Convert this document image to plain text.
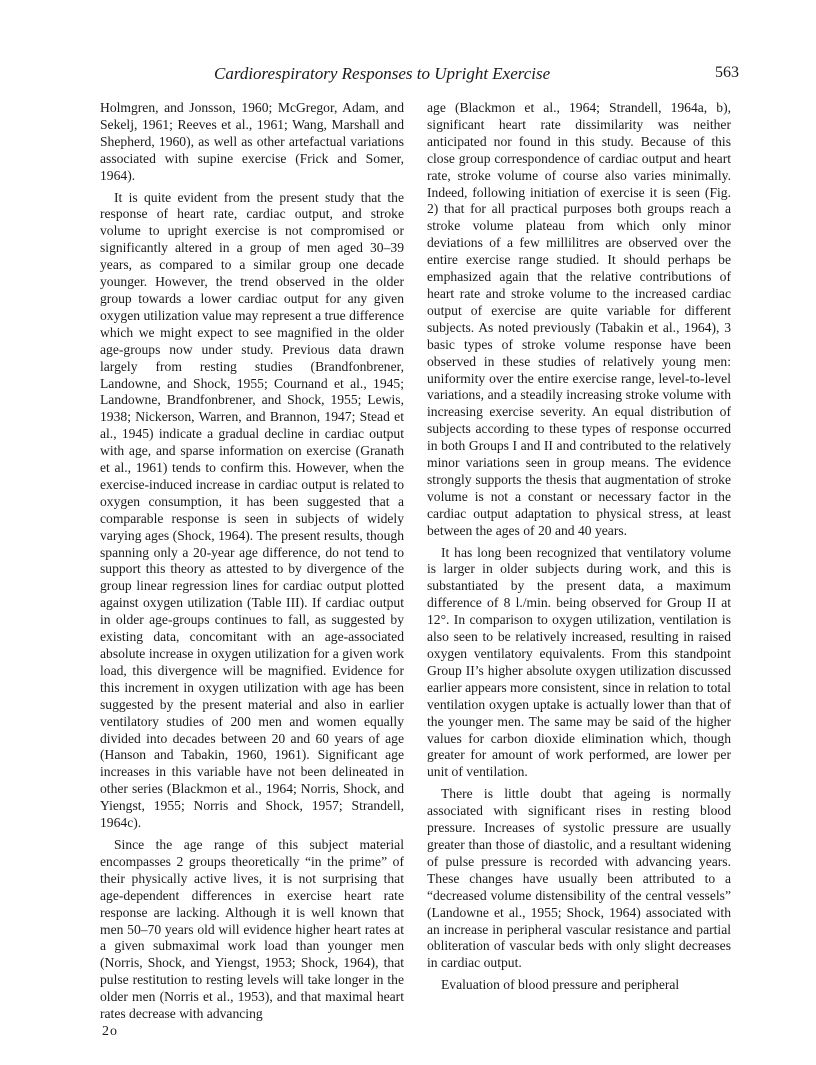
Cardiorespiratory Responses to Upright Exercise	563

Holmgren, and Jonsson, 1960; McGregor, Adam, and Sekelj, 1961; Reeves et al., 1961; Wang, Marshall and Shepherd, 1960), as well as other artefactual variations associated with supine exercise (Frick and Somer, 1964).

It is quite evident from the present study that the response of heart rate, cardiac output, and stroke volume to upright exercise is not compromised or significantly altered in a group of men aged 30–39 years, as compared to a similar group one decade younger. However, the trend observed in the older group towards a lower cardiac output for any given oxygen utilization value may represent a true difference which we might expect to see magnified in the older age-groups now under study. Previous data drawn largely from resting studies (Brandfonbrener, Landowne, and Shock, 1955; Cournand et al., 1945; Landowne, Brandfonbrener, and Shock, 1955; Lewis, 1938; Nickerson, Warren, and Brannon, 1947; Stead et al., 1945) indicate a gradual decline in cardiac output with age, and sparse information on exercise (Granath et al., 1961) tends to confirm this. However, when the exercise-induced increase in cardiac output is related to oxygen consumption, it has been suggested that a comparable response is seen in subjects of widely varying ages (Shock, 1964). The present results, though spanning only a 20-year age difference, do not tend to support this theory as attested to by divergence of the group linear regression lines for cardiac output plotted against oxygen utilization (Table III). If cardiac output in older age-groups continues to fall, as suggested by existing data, concomitant with an age-associated absolute increase in oxygen utilization for a given work load, this divergence will be magnified. Evidence for this increment in oxygen utilization with age has been suggested by the present material and also in earlier ventilatory studies of 200 men and women equally divided into decades between 20 and 60 years of age (Hanson and Tabakin, 1960, 1961). Significant age increases in this variable have not been delineated in other series (Blackmon et al., 1964; Norris, Shock, and Yiengst, 1955; Norris and Shock, 1957; Strandell, 1964c).

Since the age range of this subject material encompasses 2 groups theoretically “in the prime” of their physically active lives, it is not surprising that age-dependent differences in exercise heart rate response are lacking. Although it is well known that men 50–70 years old will evidence higher heart rates at a given submaximal work load than younger men (Norris, Shock, and Yiengst, 1953; Shock, 1964), that pulse restitution to resting levels will take longer in the older men (Norris et al., 1953), and that maximal heart rates decrease with advancing

age (Blackmon et al., 1964; Strandell, 1964a, b), significant heart rate dissimilarity was neither anticipated nor found in this study. Because of this close group correspondence of cardiac output and heart rate, stroke volume of course also varies minimally. Indeed, following initiation of exercise it is seen (Fig. 2) that for all practical purposes both groups reach a stroke volume plateau from which only minor deviations of a few millilitres are observed over the entire exercise range studied. It should perhaps be emphasized again that the relative contributions of heart rate and stroke volume to the increased cardiac output of exercise are quite variable for different subjects. As noted previously (Tabakin et al., 1964), 3 basic types of stroke volume response have been observed in these studies of relatively young men: uniformity over the entire exercise range, level-to-level variations, and a steadily increasing stroke volume with increasing exercise severity. An equal distribution of subjects according to these types of response occurred in both Groups I and II and contributed to the relatively minor variations seen in group means. The evidence strongly supports the thesis that augmentation of stroke volume is not a constant or necessary factor in the cardiac output adaptation to physical stress, at least between the ages of 20 and 40 years.

It has long been recognized that ventilatory volume is larger in older subjects during work, and this is substantiated by the present data, a maximum difference of 8 l./min. being observed for Group II at 12°. In comparison to oxygen utilization, ventilation is also seen to be relatively increased, resulting in raised oxygen ventilatory equivalents. From this standpoint Group II’s higher absolute oxygen utilization discussed earlier appears more consistent, since in relation to total ventilation oxygen uptake is actually lower than that of the younger men. The same may be said of the higher values for carbon dioxide elimination which, though greater for amount of work performed, are lower per unit of ventilation.

There is little doubt that ageing is normally associated with significant rises in resting blood pressure. Increases of systolic pressure are usually greater than those of diastolic, and a resultant widening of pulse pressure is recorded with advancing years. These changes have usually been attributed to a “decreased volume distensibility of the central vessels” (Landowne et al., 1955; Shock, 1964) associated with an increase in peripheral vascular resistance and partial obliteration of vascular beds with only slight decreases in cardiac output.

Evaluation of blood pressure and peripheral

2o
